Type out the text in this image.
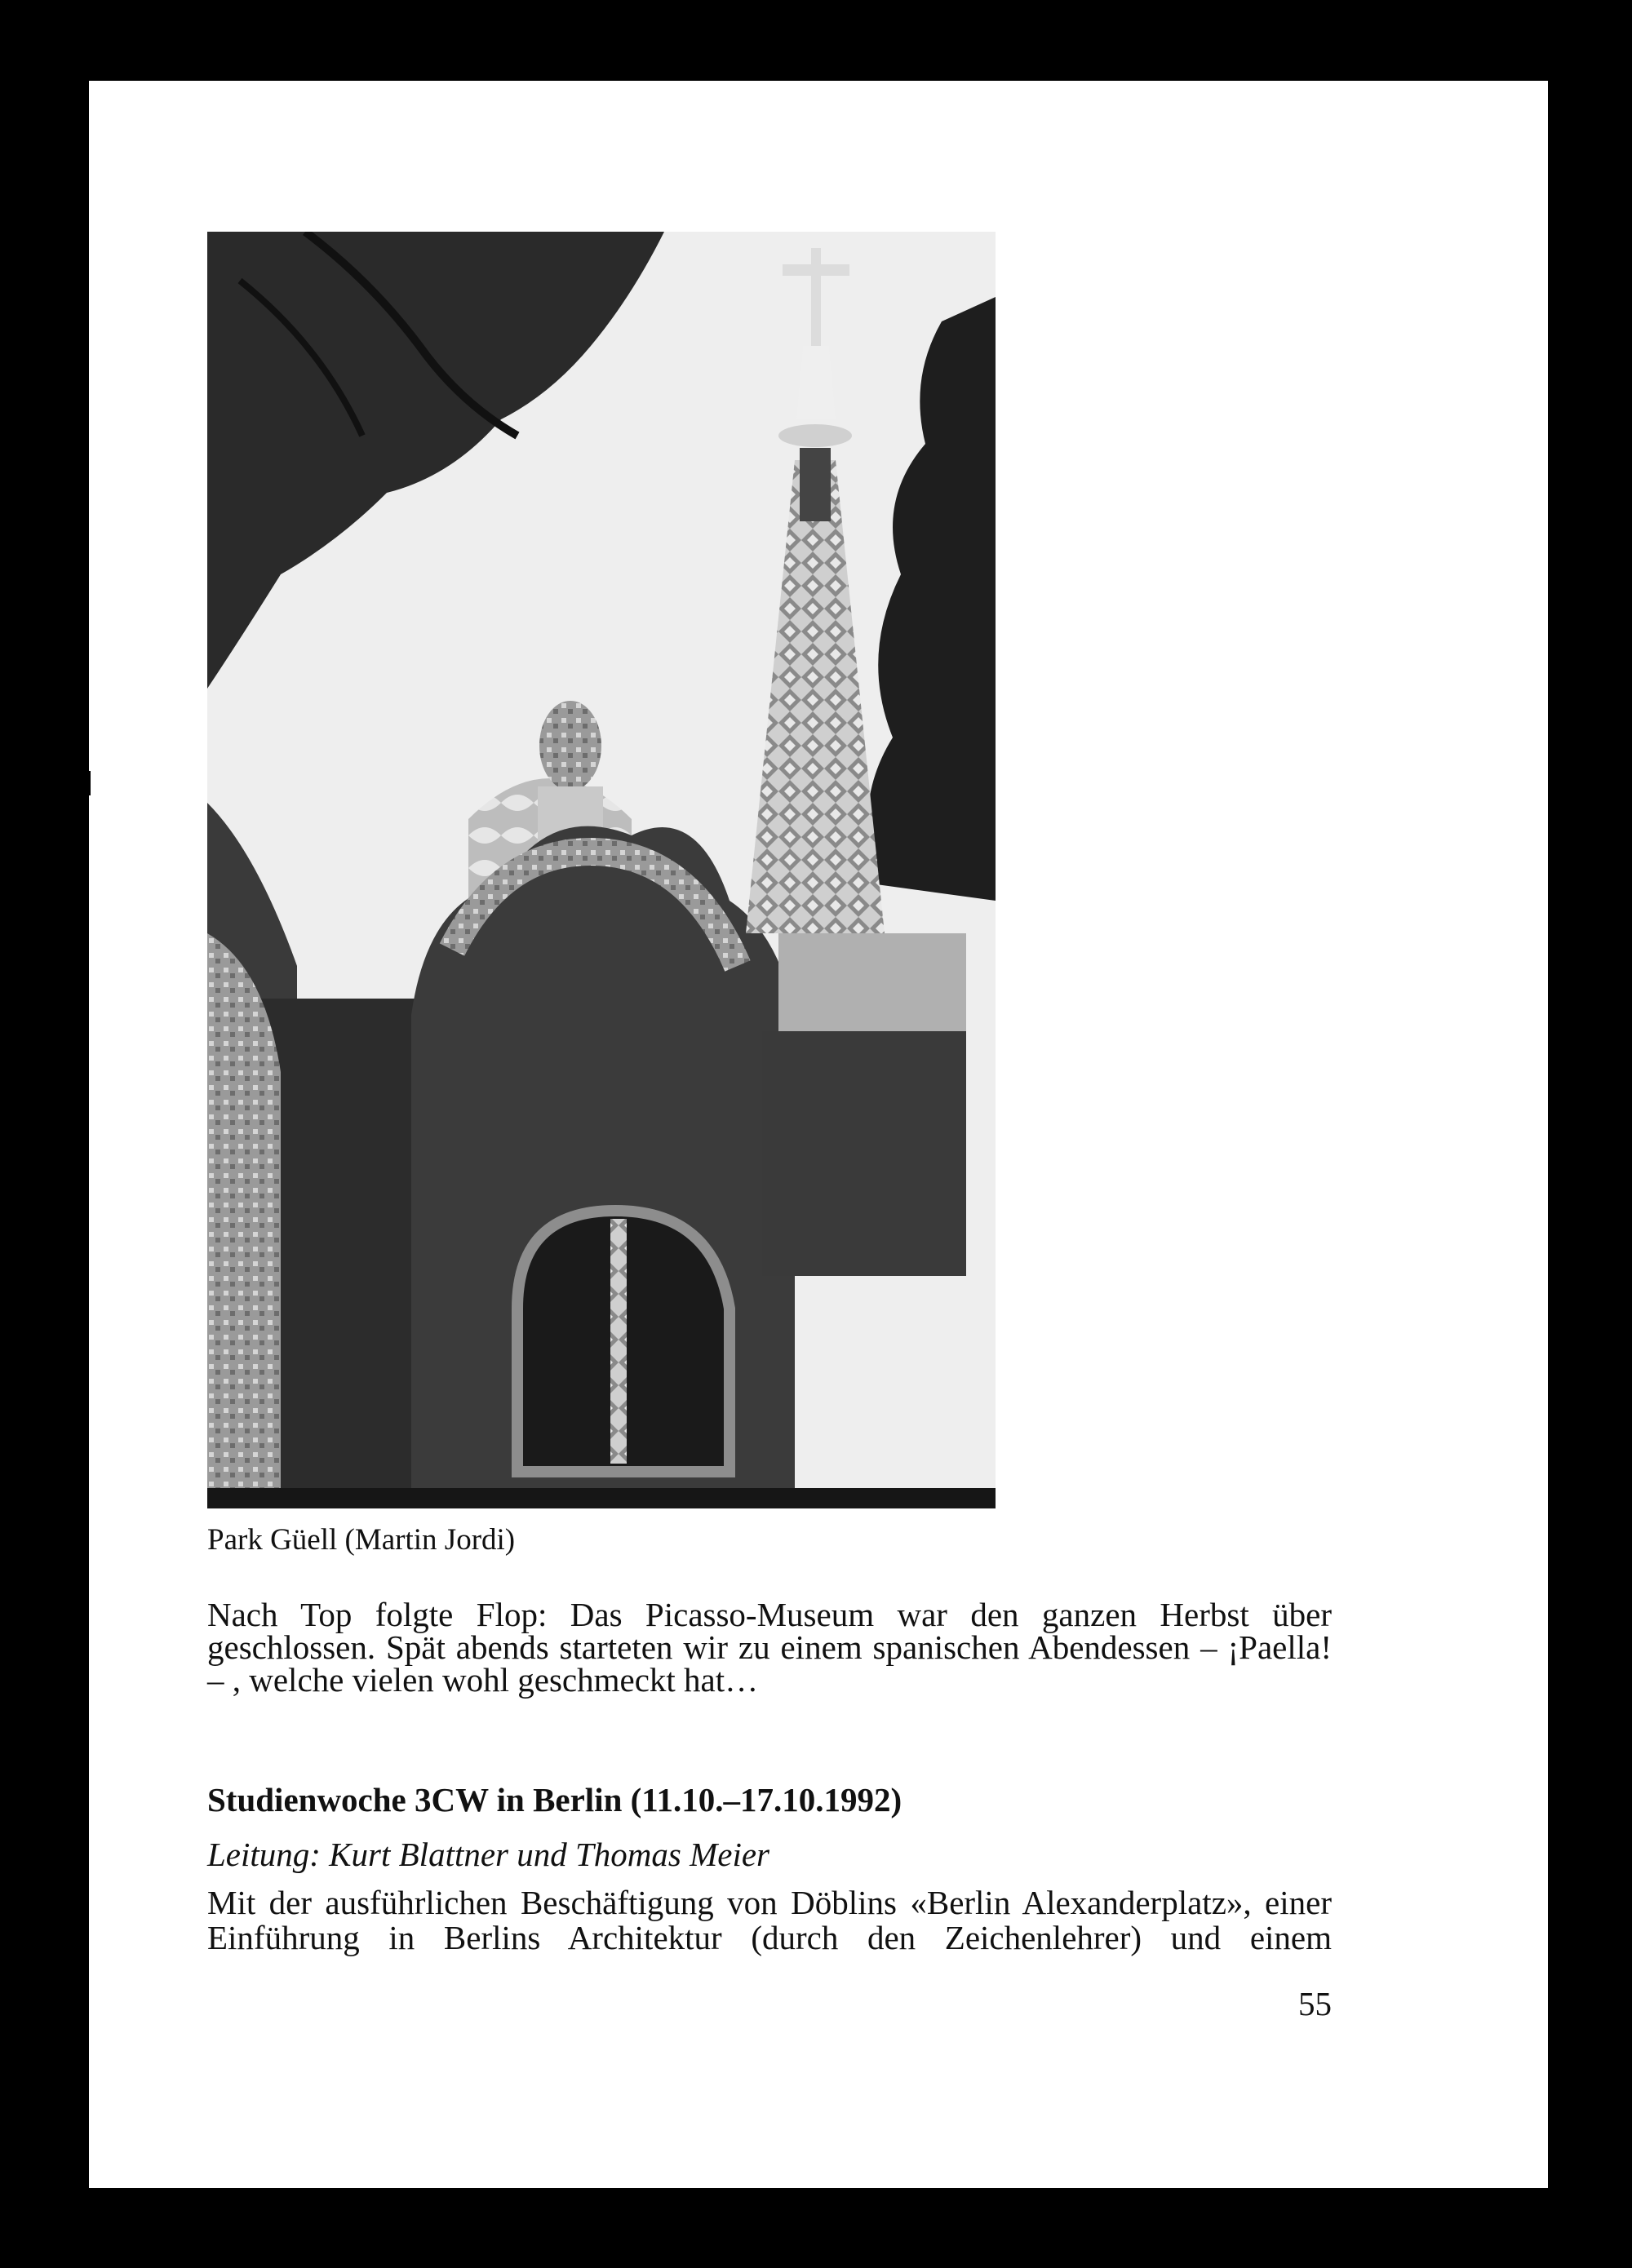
Park Güell (Martin Jordi)

Nach Top folgte Flop: Das Picasso-Museum war den ganzen Herbst über geschlossen. Spät abends starteten wir zu einem spanischen Abendessen – ¡Paella! – , welche vielen wohl geschmeckt hat…

Studienwoche 3CW in Berlin (11.10.–17.10.1992)

Leitung: Kurt Blattner und Thomas Meier

Mit der ausführlichen Beschäftigung von Döblins «Berlin Alexanderplatz», einer Einführung in Berlins Architektur (durch den Zeichenlehrer) und einem

55
